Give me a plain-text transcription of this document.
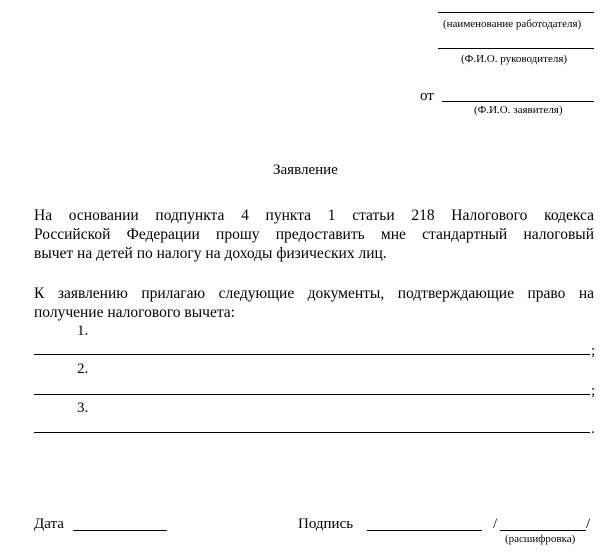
(наименование работодателя)
(Ф.И.О. руководителя)
от
(Ф.И.О. заявителя)
Заявление
На основании подпункта 4 пункта 1 статьи 218 Налогового кодекса
Российской Федерации прошу предоставить мне стандартный налоговый
вычет на детей по налогу на доходы физических лиц.
К заявлению прилагаю следующие документы, подтверждающие право на
получение налогового вычета:
1.
;
2.
;
3.
.
Дата	Подпись	/	/
(расшифровка)
